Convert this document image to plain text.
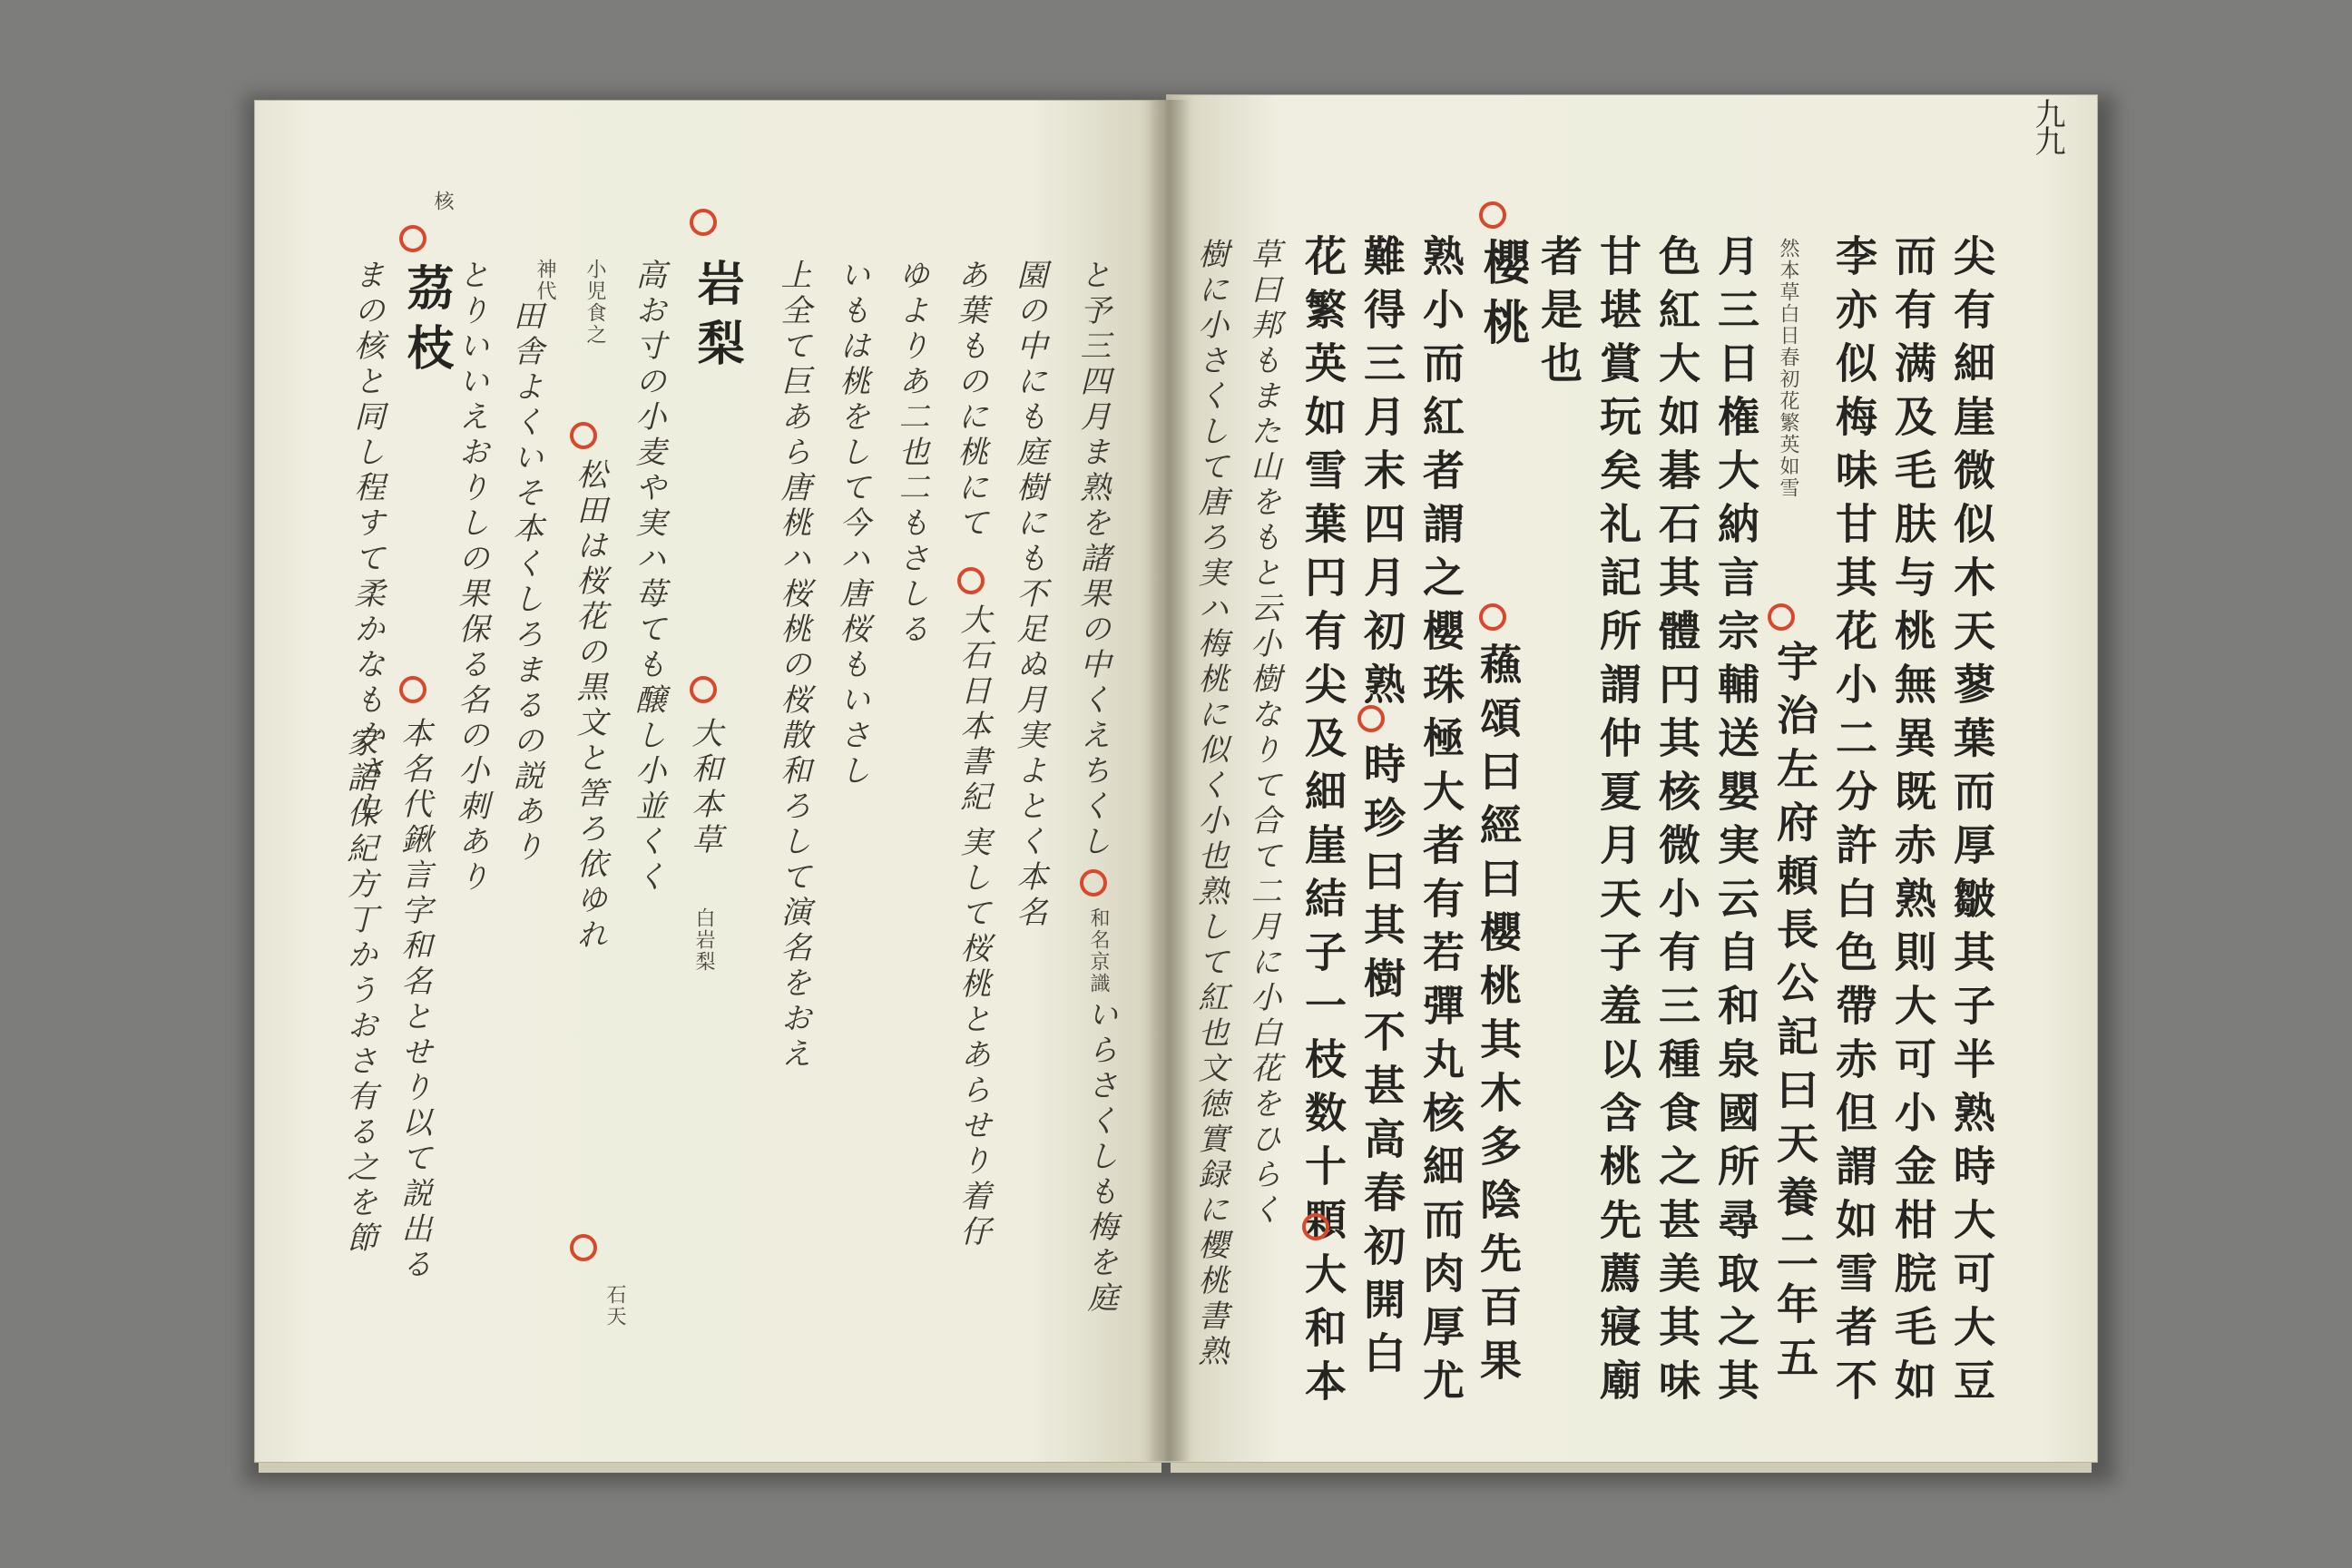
九九
尖有細崖微似木天蓼葉而厚皺其子半熟時大可大豆
而有满及毛肤与桃無異既赤熟則大可小金柑脘毛如
李亦似梅味甘其花小二分許白色帶赤但謂如雪者不
然本草白日春初花繁英如雪
宇治左府頼長公記曰天養二年五
月三日権大納言宗輔送嬰実云自和泉國所尋取之其
色紅大如碁石其體円其核微小有三種食之甚美其味
甘堪賞玩矣礼記所謂仲夏月天子羞以含桃先薦寢廟
者是也
櫻桃
熟小而紅者謂之櫻珠極大者有若彈丸核細而肉厚尤
難得三月末四月初熟
時珍曰其樹不甚高春初開白
花繁英如雪葉円有尖及細崖結子一枝数十顆
大和本	蘓頌曰經曰櫻桃其木多陰先百果
草曰邦もまた山をもと云小樹なりて合て二月に小白花をひらく
樹に小さくして唐ろ実ハ梅桃に似く小也熟して紅也文徳實録に櫻桃書熟
と予三四月ま熟を諸果の中くえちくし
和名京識
いらさくしも梅を庭
園の中にも庭樹にも不足ぬ月実よとく本名
あ葉ものに桃にて
大石日本書紀
実して桜桃とあらせり着仔
ゆよりあ二也二もさしる
いもは桃をして今ハ唐桜もいさし
上全て巨あら唐桃ハ桜桃の桜散和ろして演名をおえ
岩梨
大和本草
白岩梨
高お寸の小麦や実ハ苺ても醸し小並くく
小児食之
松田は桜花の黒文と筈ろ依ゆれ
石天
神代
田舎よくいそ本くしろまるの説あり
とりいいえおりしの果保る名の小刺あり
核
茘枝
まの核と同し程すて柔かなもかさし
本名代鍬言字和名とせり以て説出る
家語保紀方丁かうおさ有る之を節
